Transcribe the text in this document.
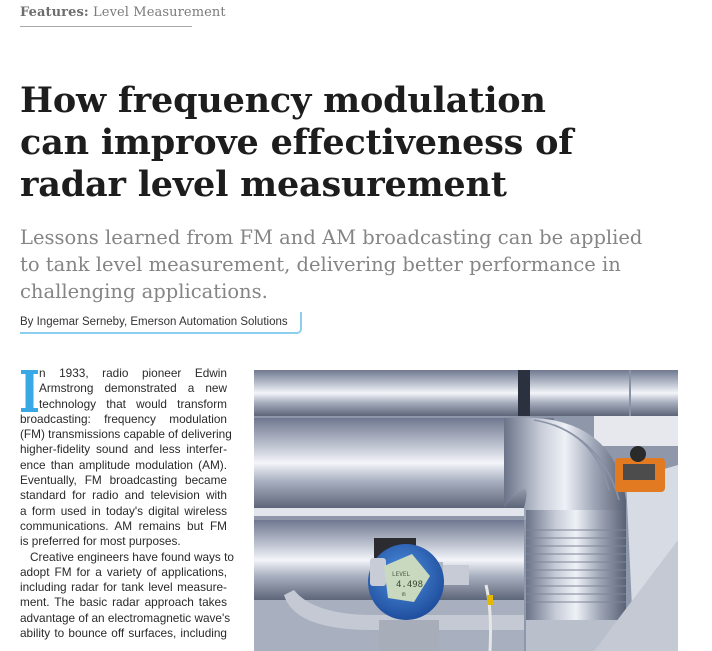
Features: Level Measurement
How frequency modulation
can improve effectiveness of
radar level measurement

Lessons learned from FM and AM broadcasting can be applied
to tank level measurement, delivering better performance in
challenging applications.

By Ingemar Serneby, Emerson Automation Solutions
n 1933, radio pioneer Edwin
Armstrong demonstrated a new
technology that would transform
broadcasting: frequency modulation
(FM) transmissions capable of delivering
higher-fidelity sound and less interfer-
ence than amplitude modulation (AM).
Eventually, FM broadcasting became
standard for radio and television with
a form used in today's digital wireless
communications. AM remains but FM
is preferred for most purposes.
Creative engineers have found ways to
adopt FM for a variety of applications,
including radar for tank level measure-
ment. The basic radar approach takes
advantage of an electromagnetic wave's
ability to bounce off surfaces, including
LEVEL
4.498
m
